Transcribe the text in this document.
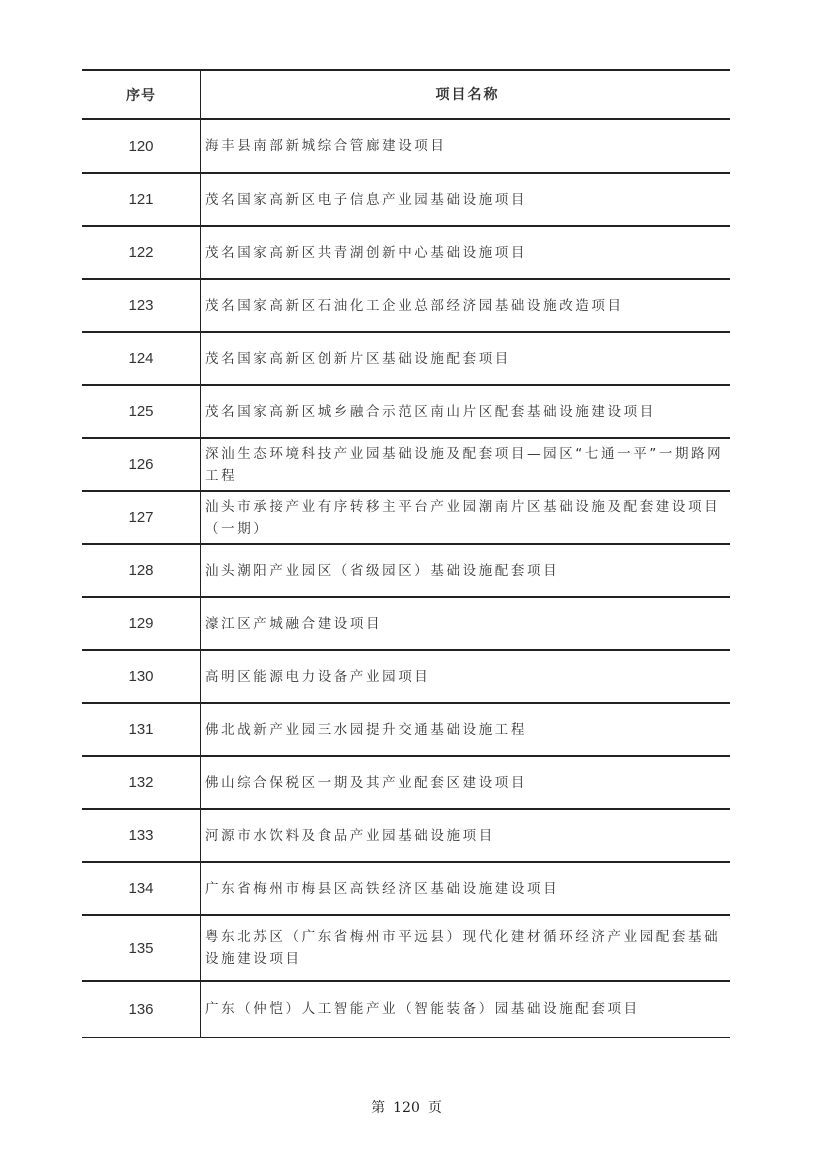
序号	项目名称
120	海丰县南部新城综合管廊建设项目
121	茂名国家高新区电子信息产业园基础设施项目
122	茂名国家高新区共青湖创新中心基础设施项目
123	茂名国家高新区石油化工企业总部经济园基础设施改造项目
124	茂名国家高新区创新片区基础设施配套项目
125	茂名国家高新区城乡融合示范区南山片区配套基础设施建设项目
126	深汕生态环境科技产业园基础设施及配套项目—园区“七通一平”一期路网工程
127	汕头市承接产业有序转移主平台产业园潮南片区基础设施及配套建设项目（一期）
128	汕头潮阳产业园区（省级园区）基础设施配套项目
129	濠江区产城融合建设项目
130	高明区能源电力设备产业园项目
131	佛北战新产业园三水园提升交通基础设施工程
132	佛山综合保税区一期及其产业配套区建设项目
133	河源市水饮料及食品产业园基础设施项目
134	广东省梅州市梅县区高铁经济区基础设施建设项目
135	粤东北苏区（广东省梅州市平远县）现代化建材循环经济产业园配套基础设施建设项目
136	广东（仲恺）人工智能产业（智能装备）园基础设施配套项目
第 120 页
